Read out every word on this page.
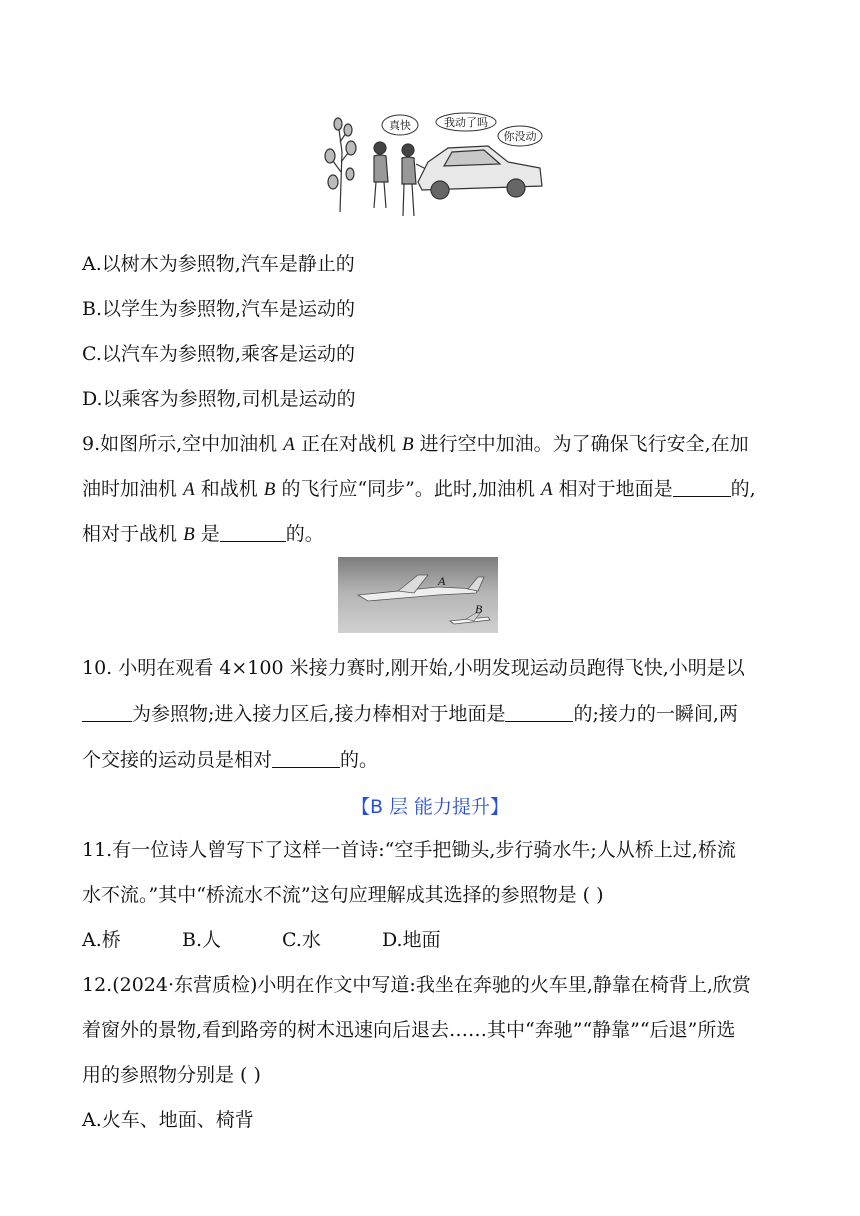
真快	我动了吗
你没动
A.以树木为参照物,汽车是静止的
B.以学生为参照物,汽车是运动的
C.以汽车为参照物,乘客是运动的
D.以乘客为参照物,司机是运动的
9.如图所示,空中加油机 A 正在对战机 B 进行空中加油。为了确保飞行安全,在加
油时加油机 A 和战机 B 的飞行应“同步”。此时,加油机 A 相对于地面是	的,
相对于战机 B 是	的。
A
B
10. 小明在观看 4×100 米接力赛时,刚开始,小明发现运动员跑得飞快,小明是以
为参照物;进入接力区后,接力棒相对于地面是	的;接力的一瞬间,两
个交接的运动员是相对	的。
【B 层 能力提升】
11.有一位诗人曾写下了这样一首诗:“空手把锄头,步行骑水牛;人从桥上过,桥流
水不流。”其中“桥流水不流”这句应理解成其选择的参照物是 ( )
A.桥	B.人	C.水	D.地面
12.(2024·东营质检)小明在作文中写道:我坐在奔驰的火车里,静靠在椅背上,欣赏
着窗外的景物,看到路旁的树木迅速向后退去……其中“奔驰”“静靠”“后退”所选
用的参照物分别是 ( )
A.火车、地面、椅背
